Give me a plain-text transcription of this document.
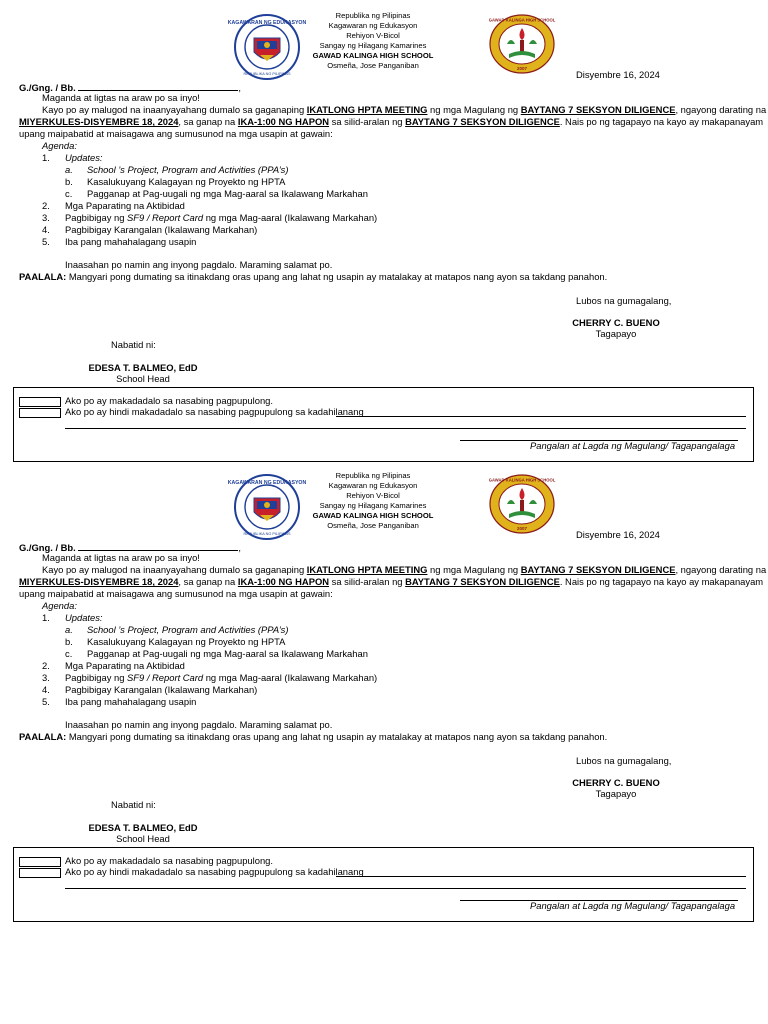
KAGAWARAN NG EDUKASYON
REPUBLIKA NG PILIPINAS
Republika ng Pilipinas
Kagawaran ng Edukasyon
Rehiyon V-Bicol
Sangay ng Hilagang Kamarines
GAWAD KALINGA HIGH SCHOOL
Osmeña, Jose Panganiban
GAWAD KALINGA HIGH SCHOOL
2007
Disyembre 16, 2024
G./Gng. / Bb.	,
Maganda at ligtas na araw po sa inyo!
Kayo po ay malugod na inaanyayahang dumalo sa gaganaping IKATLONG HPTA MEETING ng mga Magulang ng BAYTANG 7 SEKSYON DILIGENCE, ngayong darating na
MIYERKULES-DISYEMBRE 18, 2024, sa ganap na IKA-1:00 NG HAPON sa silid-aralan ng BAYTANG 7 SEKSYON DILIGENCE. Nais po ng tagapayo na kayo ay makapanayam
upang maipabatid at maisagawa ang sumusunod na mga usapin at gawain:
Agenda:
1. Updates:
a. School ’s Project, Program and Activities (PPA’s)
b. Kasalukuyang Kalagayan ng Proyekto ng HPTA
c. Pagganap at Pag-uugali ng mga Mag-aaral sa Ikalawang Markahan
2. Mga Paparating na Aktibidad
3. Pagbibigay ng SF9 / Report Card ng mga Mag-aaral (Ikalawang Markahan)
4. Pagbibigay Karangalan (Ikalawang Markahan)
5. Iba pang mahahalagang usapin
Inaasahan po namin ang inyong pagdalo. Maraming salamat po.
PAALALA: Mangyari pong dumating sa itinakdang oras upang ang lahat ng usapin ay matalakay at matapos nang ayon sa takdang panahon.
Lubos na gumagalang,
CHERRY C. BUENO
Tagapayo
Nabatid ni:
EDESA T. BALMEO, EdD
School Head
Ako po ay makadadalo sa nasabing pagpupulong.
Ako po ay hindi makadadalo sa nasabing pagpupulong sa kadahilanang
Pangalan at Lagda ng Magulang/ Tagapangalaga
KAGAWARAN NG EDUKASYON
REPUBLIKA NG PILIPINAS
Republika ng Pilipinas
Kagawaran ng Edukasyon
Rehiyon V-Bicol
Sangay ng Hilagang Kamarines
GAWAD KALINGA HIGH SCHOOL
Osmeña, Jose Panganiban
GAWAD KALINGA HIGH SCHOOL
2007
Disyembre 16, 2024
G./Gng. / Bb.	,
Maganda at ligtas na araw po sa inyo!
Kayo po ay malugod na inaanyayahang dumalo sa gaganaping IKATLONG HPTA MEETING ng mga Magulang ng BAYTANG 7 SEKSYON DILIGENCE, ngayong darating na
MIYERKULES-DISYEMBRE 18, 2024, sa ganap na IKA-1:00 NG HAPON sa silid-aralan ng BAYTANG 7 SEKSYON DILIGENCE. Nais po ng tagapayo na kayo ay makapanayam
upang maipabatid at maisagawa ang sumusunod na mga usapin at gawain:
Agenda:
1. Updates:
a. School ’s Project, Program and Activities (PPA’s)
b. Kasalukuyang Kalagayan ng Proyekto ng HPTA
c. Pagganap at Pag-uugali ng mga Mag-aaral sa Ikalawang Markahan
2. Mga Paparating na Aktibidad
3. Pagbibigay ng SF9 / Report Card ng mga Mag-aaral (Ikalawang Markahan)
4. Pagbibigay Karangalan (Ikalawang Markahan)
5. Iba pang mahahalagang usapin
Inaasahan po namin ang inyong pagdalo. Maraming salamat po.
PAALALA: Mangyari pong dumating sa itinakdang oras upang ang lahat ng usapin ay matalakay at matapos nang ayon sa takdang panahon.
Lubos na gumagalang,
CHERRY C. BUENO
Tagapayo
Nabatid ni:
EDESA T. BALMEO, EdD
School Head
Ako po ay makadadalo sa nasabing pagpupulong.
Ako po ay hindi makadadalo sa nasabing pagpupulong sa kadahilanang
Pangalan at Lagda ng Magulang/ Tagapangalaga
